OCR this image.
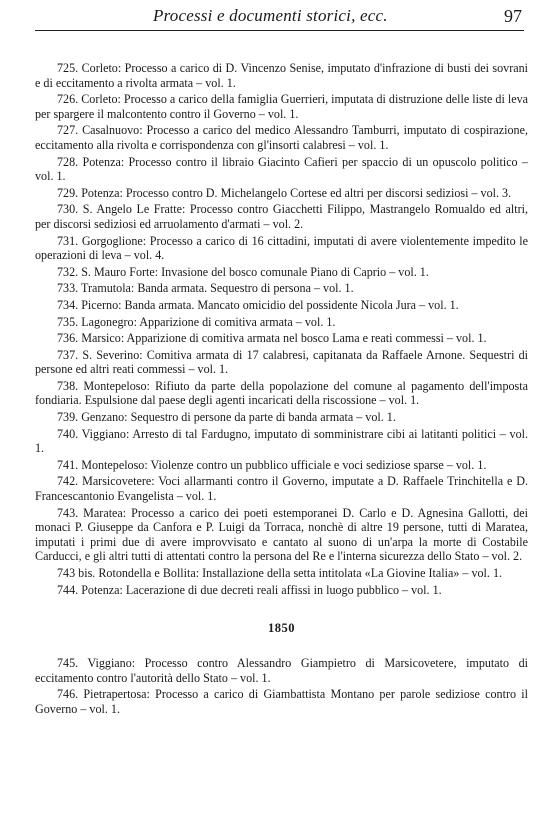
Processi e documenti storici, ecc.	97

725. Corleto: Processo a carico di D. Vincenzo Senise, imputato d'infrazione di busti dei sovrani e di eccitamento a rivolta armata – vol. 1.

726. Corleto: Processo a carico della famiglia Guerrieri, imputata di distruzione delle liste di leva per spargere il malcontento contro il Governo – vol. 1.

727. Casalnuovo: Processo a carico del medico Alessandro Tamburri, imputato di cospirazione, eccitamento alla rivolta e corrispondenza con gl'insorti calabresi – vol. 1.

728. Potenza: Processo contro il libraio Giacinto Cafieri per spaccio di un opuscolo politico – vol. 1.

729. Potenza: Processo contro D. Michelangelo Cortese ed altri per discorsi sediziosi – vol. 3.

730. S. Angelo Le Fratte: Processo contro Giacchetti Filippo, Mastrangelo Romualdo ed altri, per discorsi sediziosi ed arruolamento d'armati – vol. 2.

731. Gorgoglione: Processo a carico di 16 cittadini, imputati di avere violentemente impedito le operazioni di leva – vol. 4.

732. S. Mauro Forte: Invasione del bosco comunale Piano di Caprio – vol. 1.

733. Tramutola: Banda armata. Sequestro di persona – vol. 1.

734. Picerno: Banda armata. Mancato omicidio del possidente Nicola Jura – vol. 1.

735. Lagonegro: Apparizione di comitiva armata – vol. 1.

736. Marsico: Apparizione di comitiva armata nel bosco Lama e reati commessi – vol. 1.

737. S. Severino: Comitiva armata di 17 calabresi, capitanata da Raffaele Arnone. Sequestri di persone ed altri reati commessi – vol. 1.

738. Montepeloso: Rifiuto da parte della popolazione del comune al pagamento dell'imposta fondiaria. Espulsione dal paese degli agenti incaricati della riscossione – vol. 1.

739. Genzano: Sequestro di persone da parte di banda armata – vol. 1.

740. Viggiano: Arresto di tal Fardugno, imputato di somministrare cibi ai latitanti politici – vol. 1.

741. Montepeloso: Violenze contro un pubblico ufficiale e voci sediziose sparse – vol. 1.

742. Marsicovetere: Voci allarmanti contro il Governo, imputate a D. Raffaele Trinchitella e D. Francescantonio Evangelista – vol. 1.

743. Maratea: Processo a carico dei poeti estemporanei D. Carlo e D. Agnesina Gallotti, dei monaci P. Giuseppe da Canfora e P. Luigi da Torraca, nonchè di altre 19 persone, tutti di Maratea, imputati i primi due di avere improvvisato e cantato al suono di un'arpa la morte di Costabile Carducci, e gli altri tutti di attentati contro la persona del Re e l'interna sicurezza dello Stato – vol. 2.

743 bis. Rotondella e Bollita: Installazione della setta intitolata «La Giovine Italia» – vol. 1.

744. Potenza: Lacerazione di due decreti reali affissi in luogo pubblico – vol. 1.

1850

745. Viggiano: Processo contro Alessandro Giampietro di Marsicovetere, imputato di eccitamento contro l'autorità dello Stato – vol. 1.

746. Pietrapertosa: Processo a carico di Giambattista Montano per parole sediziose contro il Governo – vol. 1.
